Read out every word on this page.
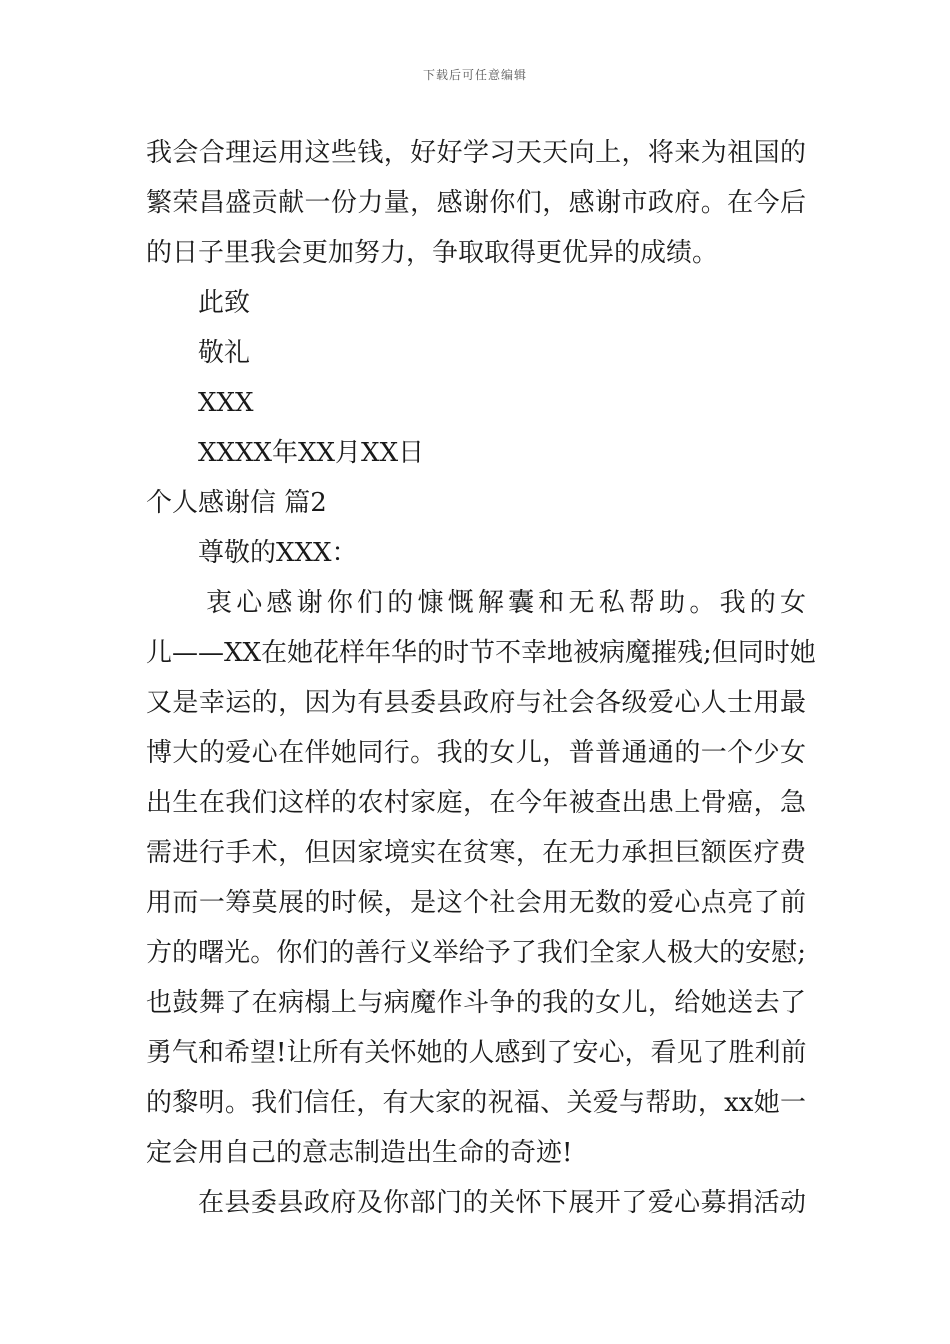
下载后可任意编辑
我会合理运用这些钱，好好学习天天向上，将来为祖国的
繁荣昌盛贡献一份力量，感谢你们，感谢市政府。在今后
的日子里我会更加努力，争取取得更优异的成绩。
此致
敬礼
XXX
XXXX年XX月XX日
个人感谢信 篇2
尊敬的XXX：
衷心感谢你们的慷慨解囊和无私帮助。我的女
儿——XX在她花样年华的时节不幸地被病魔摧残;但同时她
又是幸运的，因为有县委县政府与社会各级爱心人士用最
博大的爱心在伴她同行。我的女儿，普普通通的一个少女
出生在我们这样的农村家庭，在今年被查出患上骨癌，急
需进行手术，但因家境实在贫寒，在无力承担巨额医疗费
用而一筹莫展的时候，是这个社会用无数的爱心点亮了前
方的曙光。你们的善行义举给予了我们全家人极大的安慰;
也鼓舞了在病榻上与病魔作斗争的我的女儿，给她送去了
勇气和希望!让所有关怀她的人感到了安心，看见了胜利前
的黎明。我们信任，有大家的祝福、关爱与帮助，xx她一
定会用自己的意志制造出生命的奇迹!
在县委县政府及你部门的关怀下展开了爱心募捐活动
